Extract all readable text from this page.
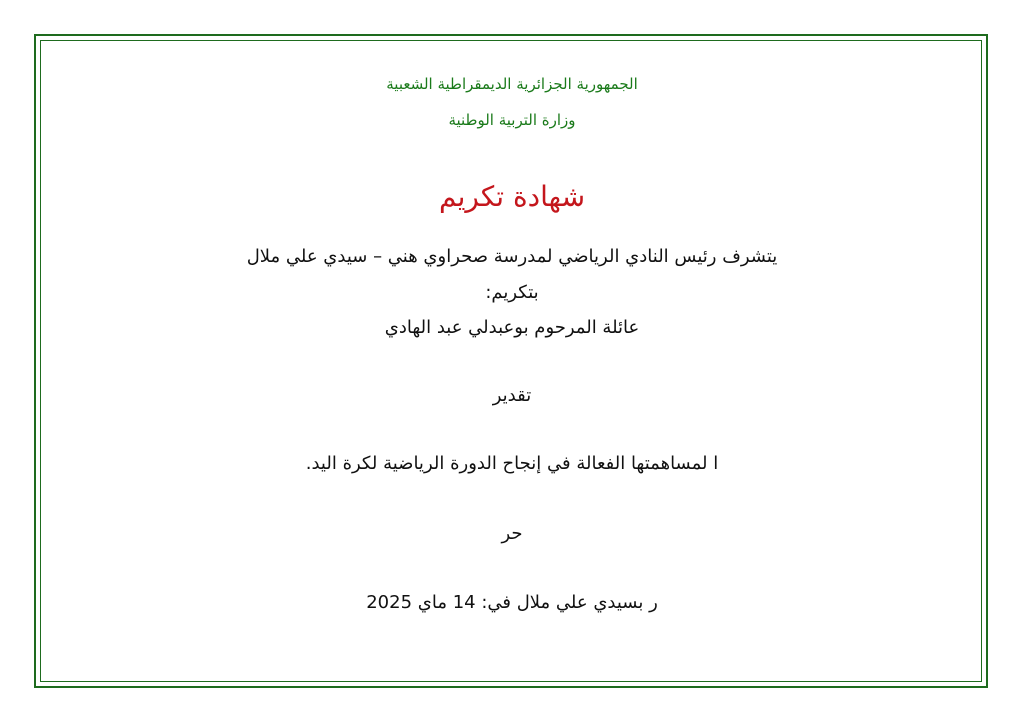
الجمهورية الجزائرية الديمقراطية الشعبية
وزارة التربية الوطنية
شهادة تكريم
يتشرف رئيس النادي الرياضي لمدرسة صحراوي هني – سيدي علي ملال
بتكريم:
عائلة المرحوم بوعبدلي عبد الهادي
تقدير
ا لمساهمتها الفعالة في إنجاح الدورة الرياضية لكرة اليد.
حر
ر بسيدي علي ملال في: 14 ماي 2025
